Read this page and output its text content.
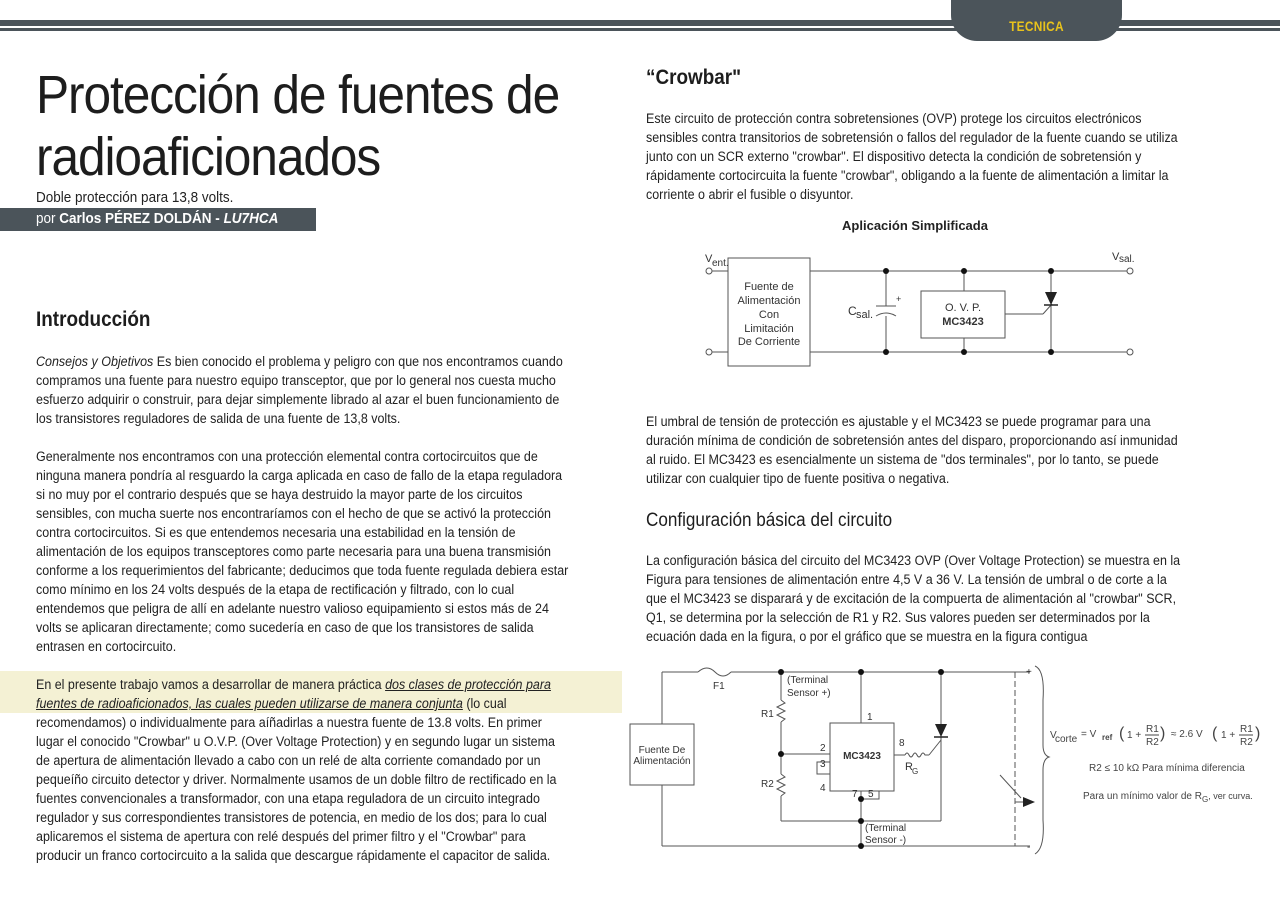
TECNICA
Protección de fuentes de
radioaficionados
Doble protección para 13,8 volts.
por Carlos PÉREZ DOLDÁN - LU7HCA
Introducción
Consejos y Objetivos Es bien conocido el problema y peligro con que nos encontramos cuando
compramos una fuente para nuestro equipo transceptor, que por lo general nos cuesta mucho
esfuerzo adquirir o construir, para dejar simplemente librado al azar el buen funcionamiento de
los transistores reguladores de salida de una fuente de 13,8 volts.
Generalmente nos encontramos con una protección elemental contra cortocircuitos que de
ninguna manera pondría al resguardo la carga aplicada en caso de fallo de la etapa reguladora
si no muy por el contrario después que se haya destruido la mayor parte de los circuitos
sensibles, con mucha suerte nos encontraríamos con el hecho de que se activó la protección
contra cortocircuitos. Si es que entendemos necesaria una estabilidad en la tensión de
alimentación de los equipos transceptores como parte necesaria para una buena transmisión
conforme a los requerimientos del fabricante; deducimos que toda fuente regulada debiera estar
como mínimo en los 24 volts después de la etapa de rectificación y filtrado, con lo cual
entendemos que peligra de allí en adelante nuestro valioso equipamiento si estos más de 24
volts se aplicaran directamente; como sucedería en caso de que los transistores de salida
entrasen en cortocircuito.
En el presente trabajo vamos a desarrollar de manera práctica dos clases de protección para
fuentes de radioaficionados, las cuales pueden utilizarse de manera conjunta (lo cual
recomendamos) o individualmente para aíñadirlas a nuestra fuente de 13.8 volts. En primer
lugar el conocido "Crowbar" u O.V.P. (Over Voltage Protection) y en segundo lugar un sistema
de apertura de alimentación llevado a cabo con un relé de alta corriente comandado por un
pequeíño circuito detector y driver. Normalmente usamos de un doble filtro de rectificado en la
fuentes convencionales a transformador, con una etapa reguladora de un circuito integrado
regulador y sus correspondientes transistores de potencia, en medio de los dos; para lo cual
aplicaremos el sistema de apertura con relé después del primer filtro y el "Crowbar" para
producir un franco cortocircuito a la salida que descargue rápidamente el capacitor de salida.
“Crowbar"
Este circuito de protección contra sobretensiones (OVP) protege los circuitos electrónicos
sensibles contra transitorios de sobretensión o fallos del regulador de la fuente cuando se utiliza
junto con un SCR externo "crowbar". El dispositivo detecta la condición de sobretensión y
rápidamente cortocircuita la fuente "crowbar", obligando a la fuente de alimentación a limitar la
corriente o abrir el fusible o disyuntor.
Aplicación Simplificada
V ent.
V sal.
Fuente de
Alimentación
Con
Limitación
De Corriente
C sal.
+
O. V. P.
MC3423
El umbral de tensión de protección es ajustable y el MC3423 se puede programar para una
duración mínima de condición de sobretensión antes del disparo, proporcionando así inmunidad
al ruido. El MC3423 es esencialmente un sistema de "dos terminales", por lo tanto, se puede
utilizar con cualquier tipo de fuente positiva o negativa.
Configuración básica del circuito
La configuración básica del circuito del MC3423 OVP (Over Voltage Protection) se muestra en la
Figura para tensiones de alimentación entre 4,5 V a 36 V. La tensión de umbral o de corte a la
que el MC3423 se disparará y de excitación de la compuerta de alimentación al "crowbar" SCR,
Q1, se determina por la selección de R1 y R2. Sus valores pueden ser determinados por la
ecuación dada en la figura, o por el gráfico que se muestra en la figura contigua
Fuente De
Alimentación
F1
(Terminal
Sensor +)
(Terminal
Sensor -)
R1
R2
MC3423
1
2
3
4
5
7
8
R G
+
-
V
corte = V ref ( 1 +
R1
R2
) ≈ 2.6 V ( 1 +
R1
R2
)
R2 ≤ 10 kΩ Para mínima diferencia
Para un mínimo valor de $R_G$, ver curva.
